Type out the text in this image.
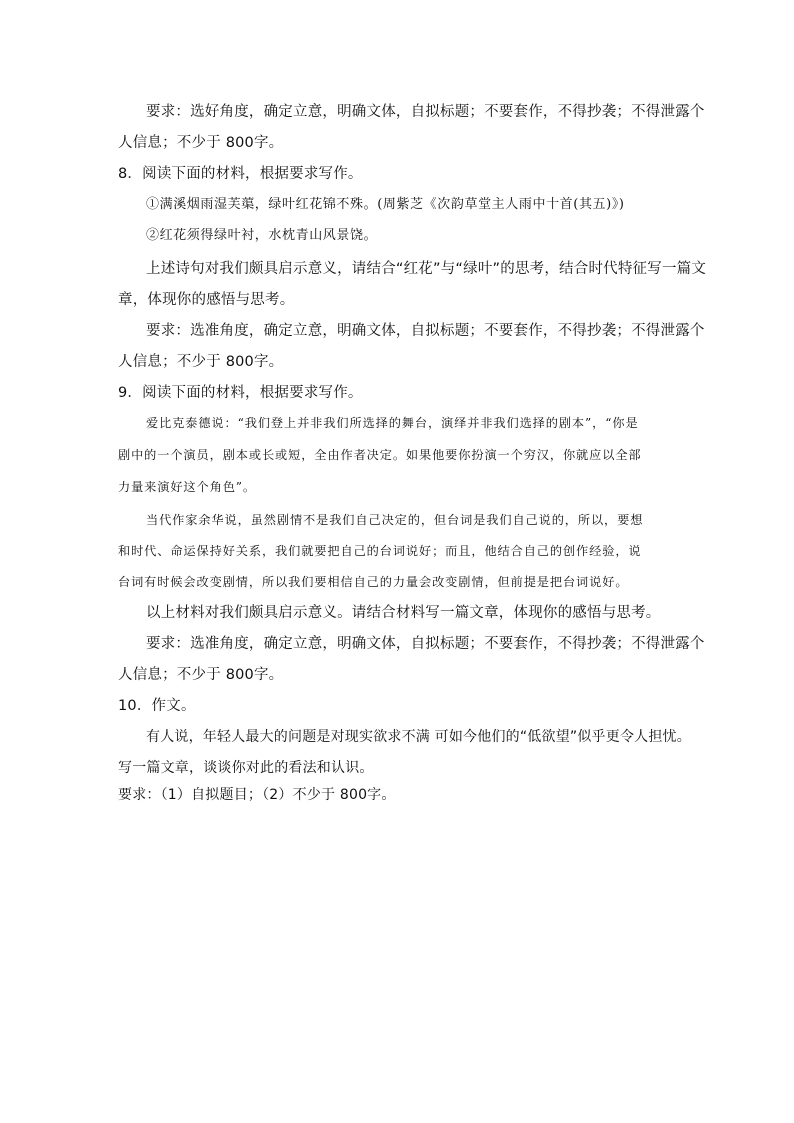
要求：选好角度，确定立意，明确文体，自拟标题；不要套作，不得抄袭；不得泄露个
人信息；不少于 800字。
8．阅读下面的材料，根据要求写作。
①满溪烟雨湿芙蕖，绿叶红花锦不殊。(周紫芝《次韵草堂主人雨中十首(其五)》)
②红花须得绿叶衬，水枕青山风景饶。
上述诗句对我们颇具启示意义，请结合“红花”与“绿叶”的思考，结合时代特征写一篇文
章，体现你的感悟与思考。
要求：选准角度，确定立意，明确文体，自拟标题；不要套作，不得抄袭；不得泄露个
人信息；不少于 800字。
9．阅读下面的材料，根据要求写作。
爱比克泰德说：“我们登上并非我们所选择的舞台，演绎并非我们选择的剧本”，“你是
剧中的一个演员，剧本或长或短，全由作者决定。如果他要你扮演一个穷汉，你就应以全部
力量来演好这个角色”。
当代作家余华说，虽然剧情不是我们自己决定的，但台词是我们自己说的，所以，要想
和时代、命运保持好关系，我们就要把自己的台词说好；而且，他结合自己的创作经验，说
台词有时候会改变剧情，所以我们要相信自己的力量会改变剧情，但前提是把台词说好。
以上材料对我们颇具启示意义。请结合材料写一篇文章，体现你的感悟与思考。
要求：选准角度，确定立意，明确文体，自拟标题；不要套作，不得抄袭；不得泄露个
人信息；不少于 800字。
10．作文。
有人说，年轻人最大的问题是对现实欲求不满 可如今他们的“低欲望”似乎更令人担忧。
写一篇文章，谈谈你对此的看法和认识。
要求：（1）自拟题目；（2）不少于 800字。
